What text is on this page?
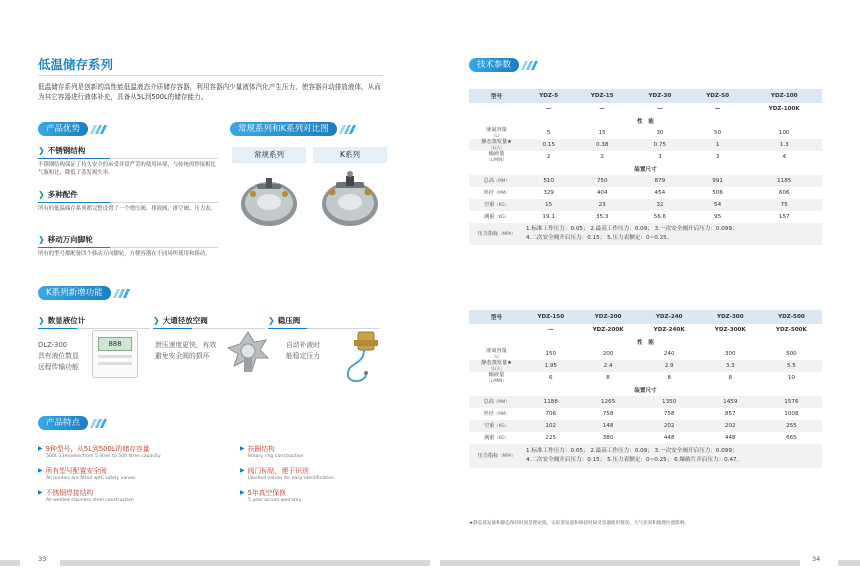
低温储存系列
低温储存系列是创新的高性能低温液态介质储存容器，利用容器内少量液体汽化产生压力，使容器自动排放液体，从而为其它容器进行液体补充，具备从5L到500L的储存能力。
产品优势
❯ 不锈钢结构
不锈钢结构保证了持久安全的承受非常严苛的使用环境，与传统的焊接相比气瓶相比，降低了蒸发损失率。
❯ 多种配件
所有的低温储存系列都完整设置了一个增压阀、排液阀、排空阀、压力表。
❯ 移动万向脚轮
所有的型号都配备四个移动万向脚轮，方便容器在不同场所使用和移动。
常规系列和K系列对比图
常规系列	K系列
K系列新增功能
❯ 数显液位计
DLZ-300
具有液位数显
远程传输功能
888
❯ 大通径放空阀
泄压速度更快，有效
避免安全阀的损坏
❯ 稳压阀
自动补液时
能稳定压力
产品特点
▶ 9种型号，从5L到500L的储存容量
500L 13models,from 5 litres to 500 litres capacity
▶ 所有型号配置安全阀
All models are fitted with safety valves
▶ 不锈钢焊接结构
All welded stainless steel construction
▶ 扶圈结构
Rotary ring construction
▶ 阀门标贴，便于识别
labelled valves for easy identification.
▶ 5年真空保修
5 year accum warranty
33
技术参数
型号	YDZ-5	YDZ-15	YDZ-30	YDZ-50	YDZ-100
	—	—	—	—	YDZ-100K
性　能					
液氮容量
（L）	5	15	30	50	100
静态蒸发量★
（L/天）	0.15	0.38	0.75	1	1.3
输液量
（L/MIN）	2	2	3	3	4
装置尺寸					
总高（MM）	510	750	879	991	1185
外径（MM）	329	404	454	506	606
空重（KG）	15	23	32	54	75
满重（KG）	19.1	35.3	56.6	95	157
压力指标（MPA）	1.标准工作压力：0.05； 2.最高工作压力：0.09； 3.一次安全阀开启压力：0.099；
4.二次安全阀开启压力：0.15； 5.压力表额定：0~0.25。				
型号	YDZ-150	YDZ-200	YDZ-240	YDZ-300	YDZ-500
	—	YDZ-200K	YDZ-240K	YDZ-300K	YDZ-500K
性　能					
液氮容量
（L）	150	200	240	300	500
静态蒸发量★
（L/天）	1.95	2.4	2.9	3.3	5.5
输液量
（L/MIN）	6	8	8	8	10
装置尺寸					
总高（MM）	1188	1265	1350	1459	1576
外径（MM）	706	758	758	857	1008
空重（KG）	102	148	202	202	255
满重（KG）	225	380	448	448	665
压力指标（MPA）	1.标准工作压力：0.05； 2.最高工作压力：0.09； 3.一次安全阀开启压力：0.099；
4.二次安全阀开启压力：0.15； 5.压力表额定：0~0.25； 6.爆破片开启压力：0.47。				
★静态蒸发量和静态保持时间是理论值。实际蒸发量和保持时间受容器使用情况、大气状况和地理位置影响。
34
